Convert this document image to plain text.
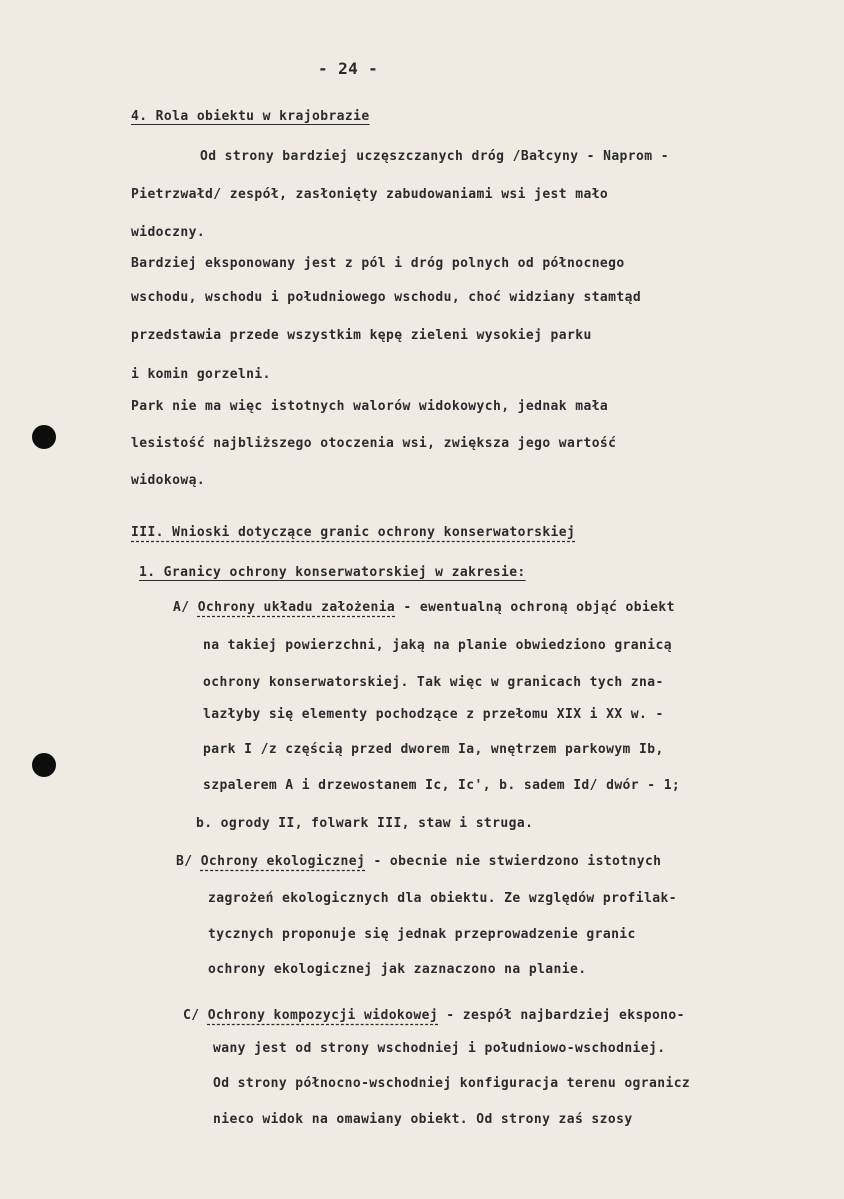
- 24 -
4. Rola obiektu w krajobrazie
Od strony bardziej uczęszczanych dróg /Bałcyny - Naprom -
Pietrzwałd/ zespół, zasłonięty zabudowaniami wsi jest mało
widoczny.
Bardziej eksponowany jest z pól i dróg polnych od północnego
wschodu, wschodu i południowego wschodu, choć widziany stamtąd
przedstawia przede wszystkim kępę zieleni wysokiej parku
i komin gorzelni.
Park nie ma więc istotnych walorów widokowych, jednak mała
lesistość najbliższego otoczenia wsi, zwiększa jego wartość
widokową.
III. Wnioski dotyczące granic ochrony konserwatorskiej
1. Granicy ochrony konserwatorskiej w zakresie:
A/ Ochrony układu założenia - ewentualną ochroną objąć obiekt
na takiej powierzchni, jaką na planie obwiedziono granicą
ochrony konserwatorskiej. Tak więc w granicach tych zna-
lazłyby się elementy pochodzące z przełomu XIX i XX w. -
park I /z częścią przed dworem Ia, wnętrzem parkowym Ib,
szpalerem A i drzewostanem Ic, Ic', b. sadem Id/ dwór - 1;
b. ogrody II, folwark III, staw i struga.
B/ Ochrony ekologicznej - obecnie nie stwierdzono istotnych
zagrożeń ekologicznych dla obiektu. Ze względów profilak-
tycznych proponuje się jednak przeprowadzenie granic
ochrony ekologicznej jak zaznaczono na planie.
C/ Ochrony kompozycji widokowej - zespół najbardziej ekspono-
wany jest od strony wschodniej i południowo-wschodniej.
Od strony północno-wschodniej konfiguracja terenu ogranicz
nieco widok na omawiany obiekt. Od strony zaś szosy
